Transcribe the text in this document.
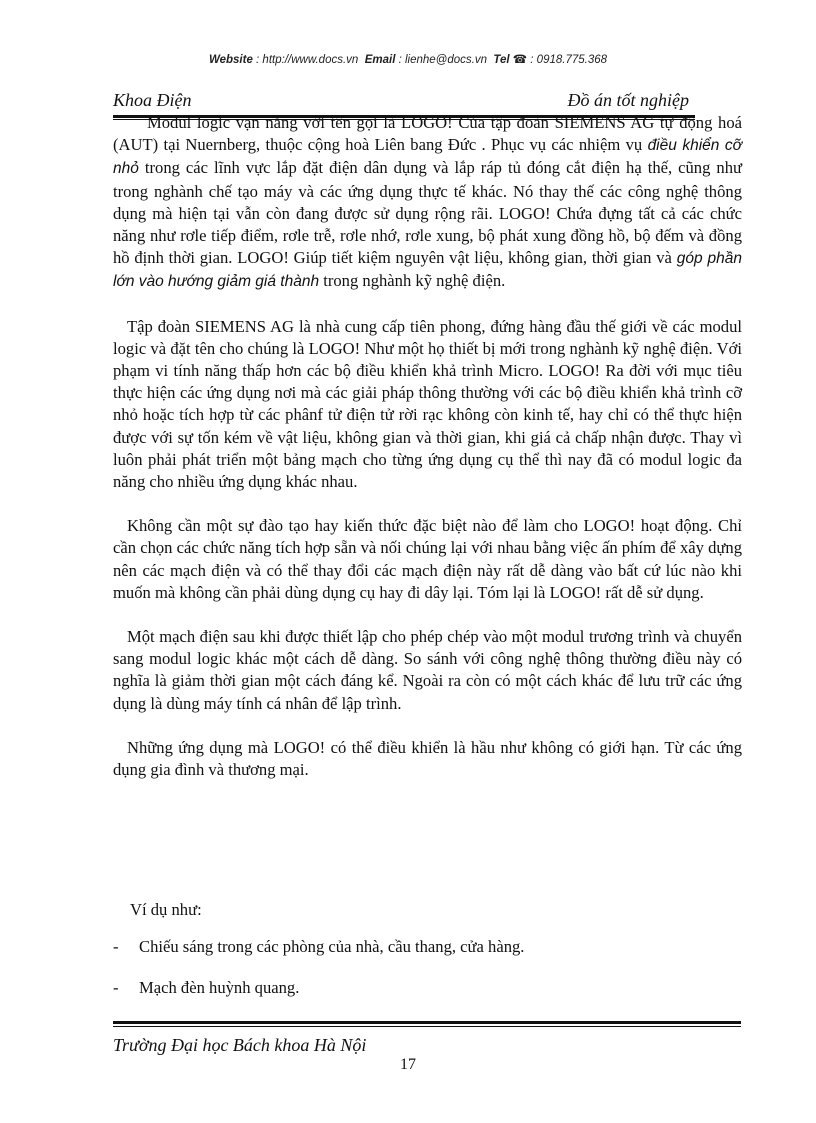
Website : http://www.docs.vn Email : lienhe@docs.vn Tel ☎ : 0918.775.368
Khoa Điện	Đồ án tốt nghiệp

Modul logic vạn năng với tên gọi là LOGO! Của tập đoàn SIEMENS AG tự động hoá (AUT) tại Nuernberg, thuộc cộng hoà Liên bang Đức . Phục vụ các nhiệm vụ điều khiển cỡ nhỏ trong các lĩnh vực lắp đặt điện dân dụng và lắp ráp tủ đóng cắt điện hạ thế, cũng như trong nghành chế tạo máy và các ứng dụng thực tế khác. Nó thay thế các công nghệ thông dụng mà hiện tại vẫn còn đang được sử dụng rộng rãi. LOGO! Chứa đựng tất cả các chức năng như rơle tiếp điểm, rơle trễ, rơle nhớ, rơle xung, bộ phát xung đồng hồ, bộ đếm và đồng hồ định thời gian. LOGO! Giúp tiết kiệm nguyên vật liệu, không gian, thời gian và góp phần lớn vào hướng giảm giá thành trong nghành kỹ nghệ điện.

Tập đoàn SIEMENS AG là nhà cung cấp tiên phong, đứng hàng đầu thế giới về các modul logic và đặt tên cho chúng là LOGO! Như một họ thiết bị mới trong nghành kỹ nghệ điện. Với phạm vi tính năng thấp hơn các bộ điều khiển khả trình Micro. LOGO! Ra đời với mục tiêu thực hiện các ứng dụng nơi mà các giải pháp thông thường với các bộ điều khiển khả trình cỡ nhỏ hoặc tích hợp từ các phânf tử điện tử rời rạc không còn kinh tế, hay chỉ có thể thực hiện được với sự tốn kém về vật liệu, không gian và thời gian, khi giá cả chấp nhận được. Thay vì luôn phải phát triển một bảng mạch cho từng ứng dụng cụ thể thì nay đã có modul logic đa năng cho nhiều ứng dụng khác nhau.

Không cần một sự đào tạo hay kiến thức đặc biệt nào để làm cho LOGO! hoạt động. Chỉ cần chọn các chức năng tích hợp sẵn và nối chúng lại với nhau bằng việc ấn phím để xây dựng nên các mạch điện và có thể thay đổi các mạch điện này rất dễ dàng vào bất cứ lúc nào khi muốn mà không cần phải dùng dụng cụ hay đi dây lại. Tóm lại là LOGO! rất dễ sử dụng.

Một mạch điện sau khi được thiết lập cho phép chép vào một modul trương trình và chuyển sang modul logic khác một cách dễ dàng. So sánh với công nghệ thông thường điều này có nghĩa là giảm thời gian một cách đáng kể. Ngoài ra còn có một cách khác để lưu trữ các ứng dụng là dùng máy tính cá nhân để lập trình.

Những ứng dụng mà LOGO! có thể điều khiển là hầu như không có giới hạn. Từ các ứng dụng gia đình và thương mại.

Ví dụ như:
- Chiếu sáng trong các phòng của nhà, cầu thang, cửa hàng.
- Mạch đèn huỳnh quang.
Trường Đại học Bách khoa Hà Nội
17
